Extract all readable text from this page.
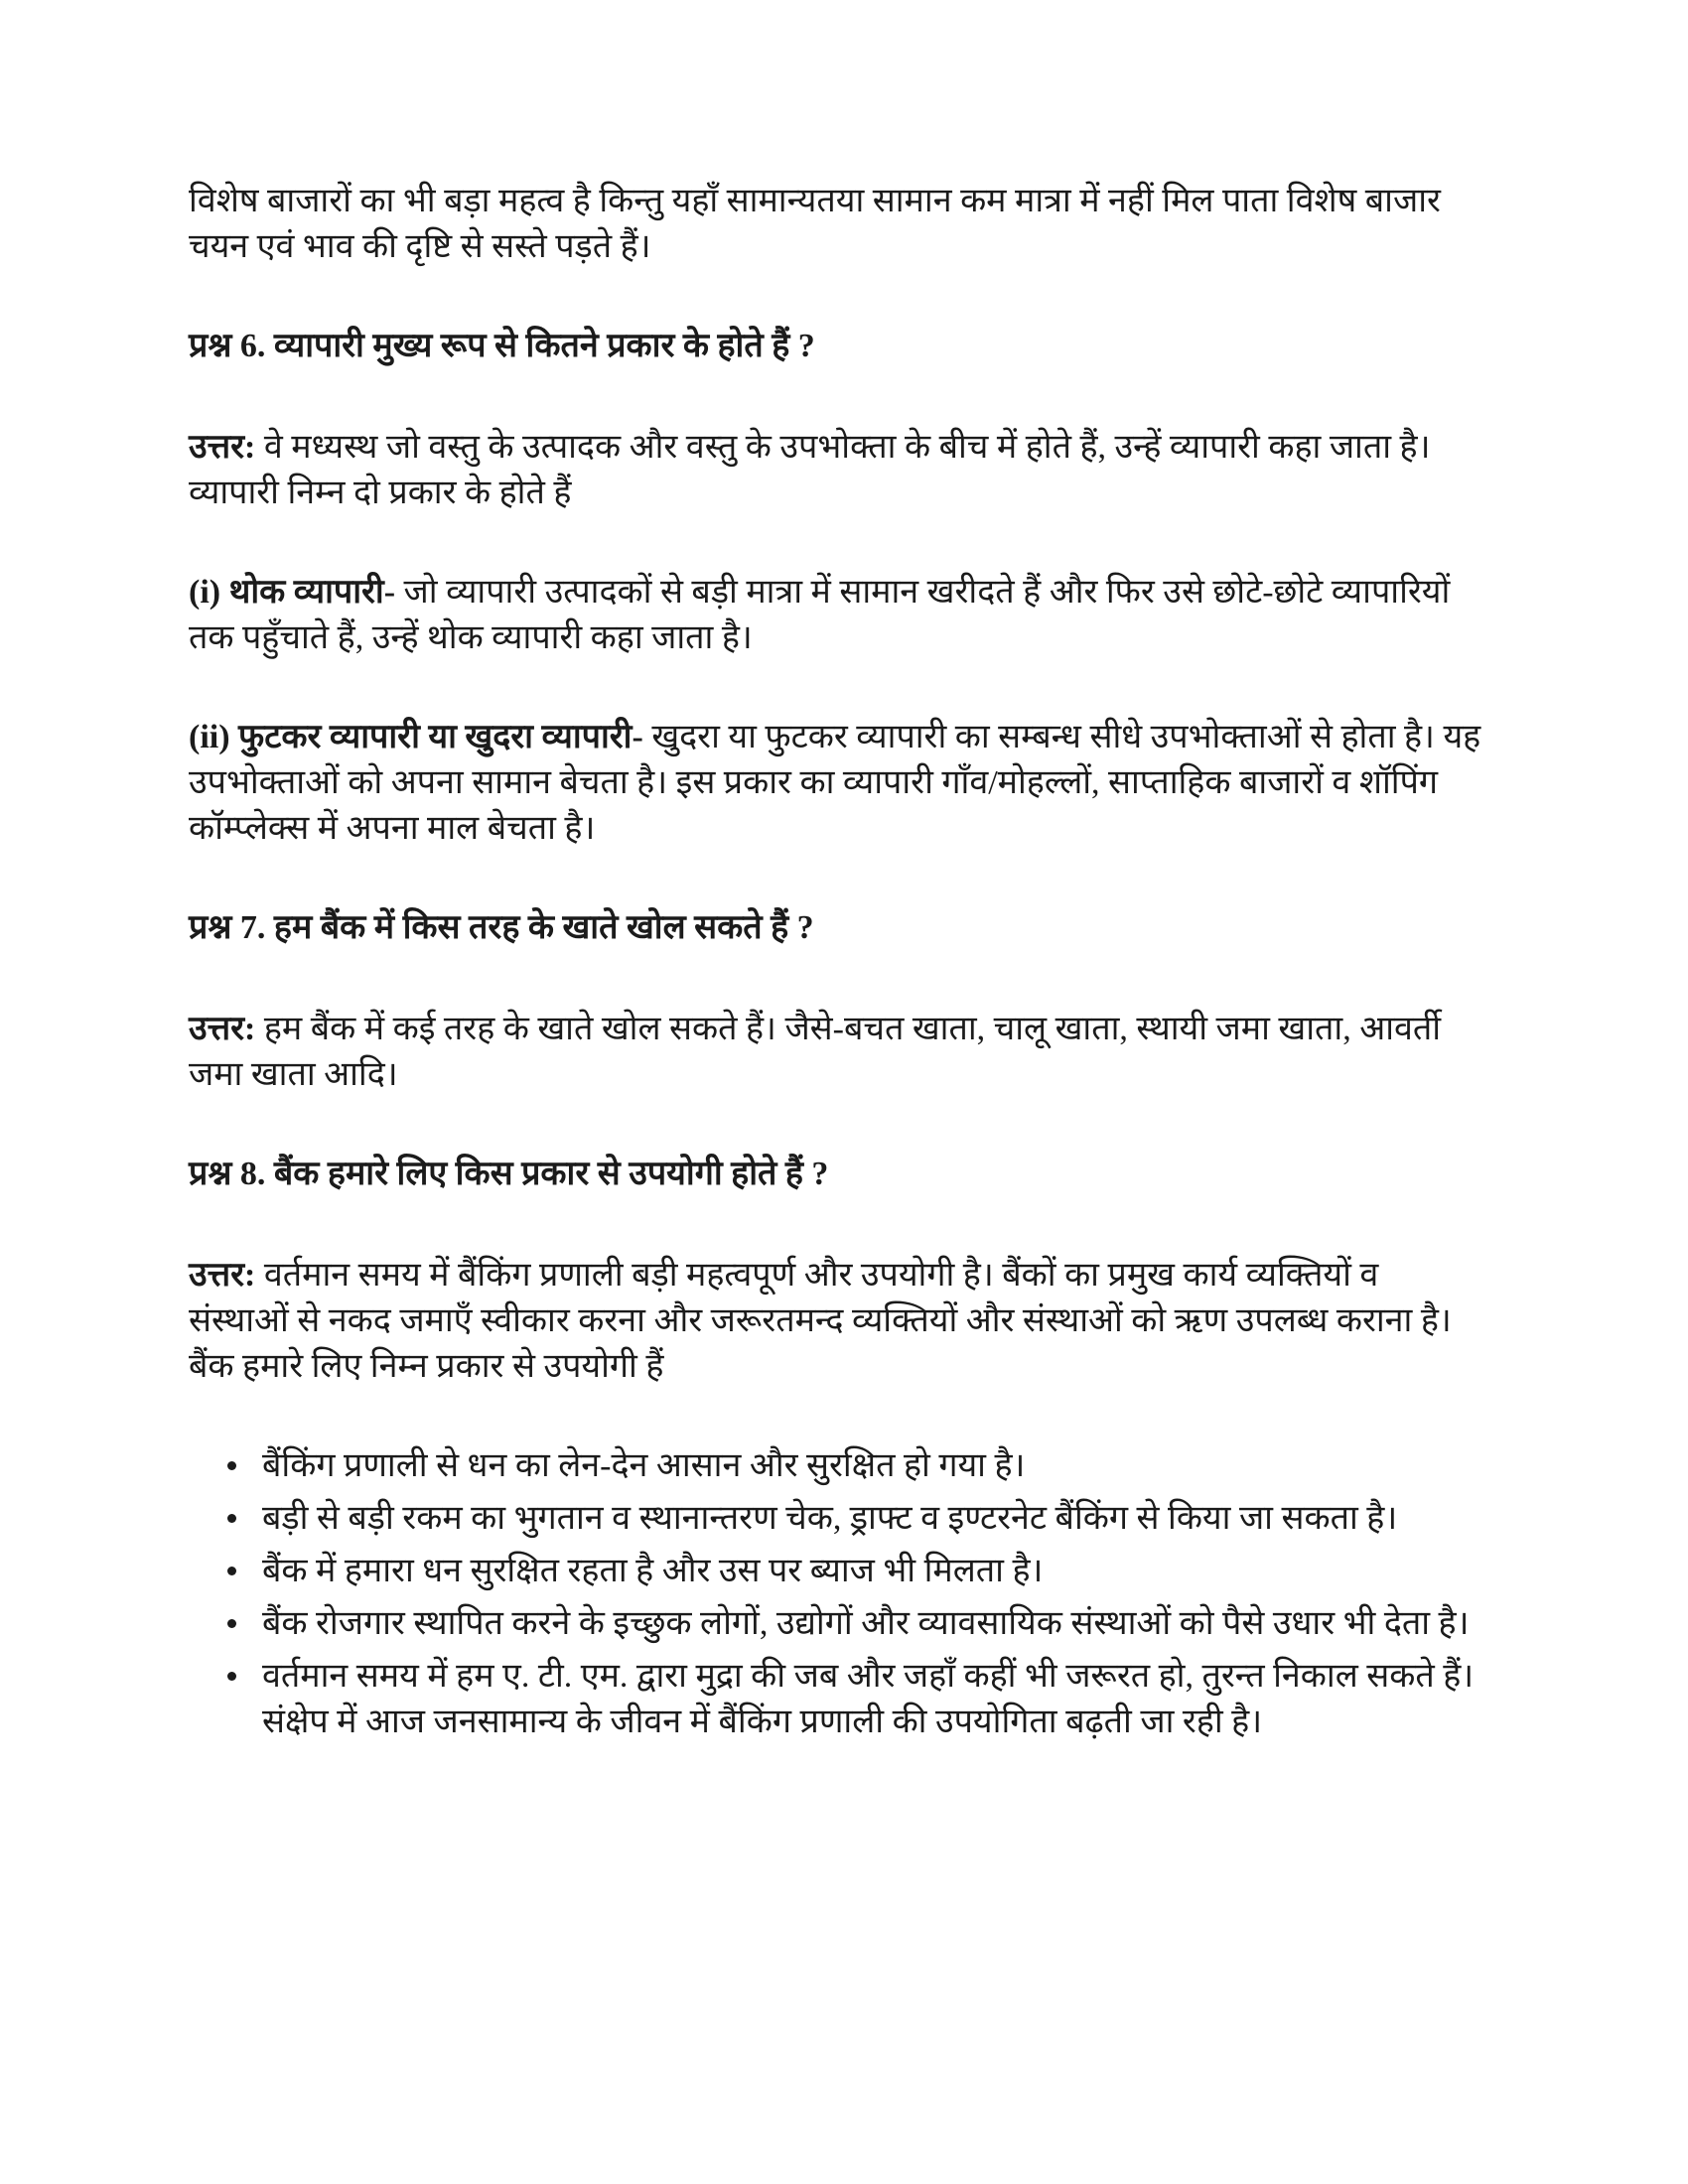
विशेष बाजारों का भी बड़ा महत्व है किन्तु यहाँ सामान्यतया सामान कम मात्रा में नहीं मिल पाता विशेष बाजार चयन एवं भाव की दृष्टि से सस्ते पड़ते हैं।

प्रश्न 6. व्यापारी मुख्य रूप से कितने प्रकार के होते हैं ?

उत्तर: वे मध्यस्थ जो वस्तु के उत्पादक और वस्तु के उपभोक्ता के बीच में होते हैं, उन्हें व्यापारी कहा जाता है। व्यापारी निम्न दो प्रकार के होते हैं

(i) थोक व्यापारी- जो व्यापारी उत्पादकों से बड़ी मात्रा में सामान खरीदते हैं और फिर उसे छोटे-छोटे व्यापारियों तक पहुँचाते हैं, उन्हें थोक व्यापारी कहा जाता है।

(ii) फुटकर व्यापारी या खुदरा व्यापारी- खुदरा या फुटकर व्यापारी का सम्बन्ध सीधे उपभोक्ताओं से होता है। यह उपभोक्ताओं को अपना सामान बेचता है। इस प्रकार का व्यापारी गाँव/मोहल्लों, साप्ताहिक बाजारों व शॉपिंग कॉम्प्लेक्स में अपना माल बेचता है।

प्रश्न 7. हम बैंक में किस तरह के खाते खोल सकते हैं ?

उत्तर: हम बैंक में कई तरह के खाते खोल सकते हैं। जैसे-बचत खाता, चालू खाता, स्थायी जमा खाता, आवर्ती जमा खाता आदि।

प्रश्न 8. बैंक हमारे लिए किस प्रकार से उपयोगी होते हैं ?

उत्तर: वर्तमान समय में बैंकिंग प्रणाली बड़ी महत्वपूर्ण और उपयोगी है। बैंकों का प्रमुख कार्य व्यक्तियों व संस्थाओं से नकद जमाएँ स्वीकार करना और जरूरतमन्द व्यक्तियों और संस्थाओं को ऋण उपलब्ध कराना है। बैंक हमारे लिए निम्न प्रकार से उपयोगी हैं

बैंकिंग प्रणाली से धन का लेन-देन आसान और सुरक्षित हो गया है।
बड़ी से बड़ी रकम का भुगतान व स्थानान्तरण चेक, ड्राफ्ट व इण्टरनेट बैंकिंग से किया जा सकता है।
बैंक में हमारा धन सुरक्षित रहता है और उस पर ब्याज भी मिलता है।
बैंक रोजगार स्थापित करने के इच्छुक लोगों, उद्योगों और व्यावसायिक संस्थाओं को पैसे उधार भी देता है।
वर्तमान समय में हम ए. टी. एम. द्वारा मुद्रा की जब और जहाँ कहीं भी जरूरत हो, तुरन्त निकाल सकते हैं। संक्षेप में आज जनसामान्य के जीवन में बैंकिंग प्रणाली की उपयोगिता बढ़ती जा रही है।
